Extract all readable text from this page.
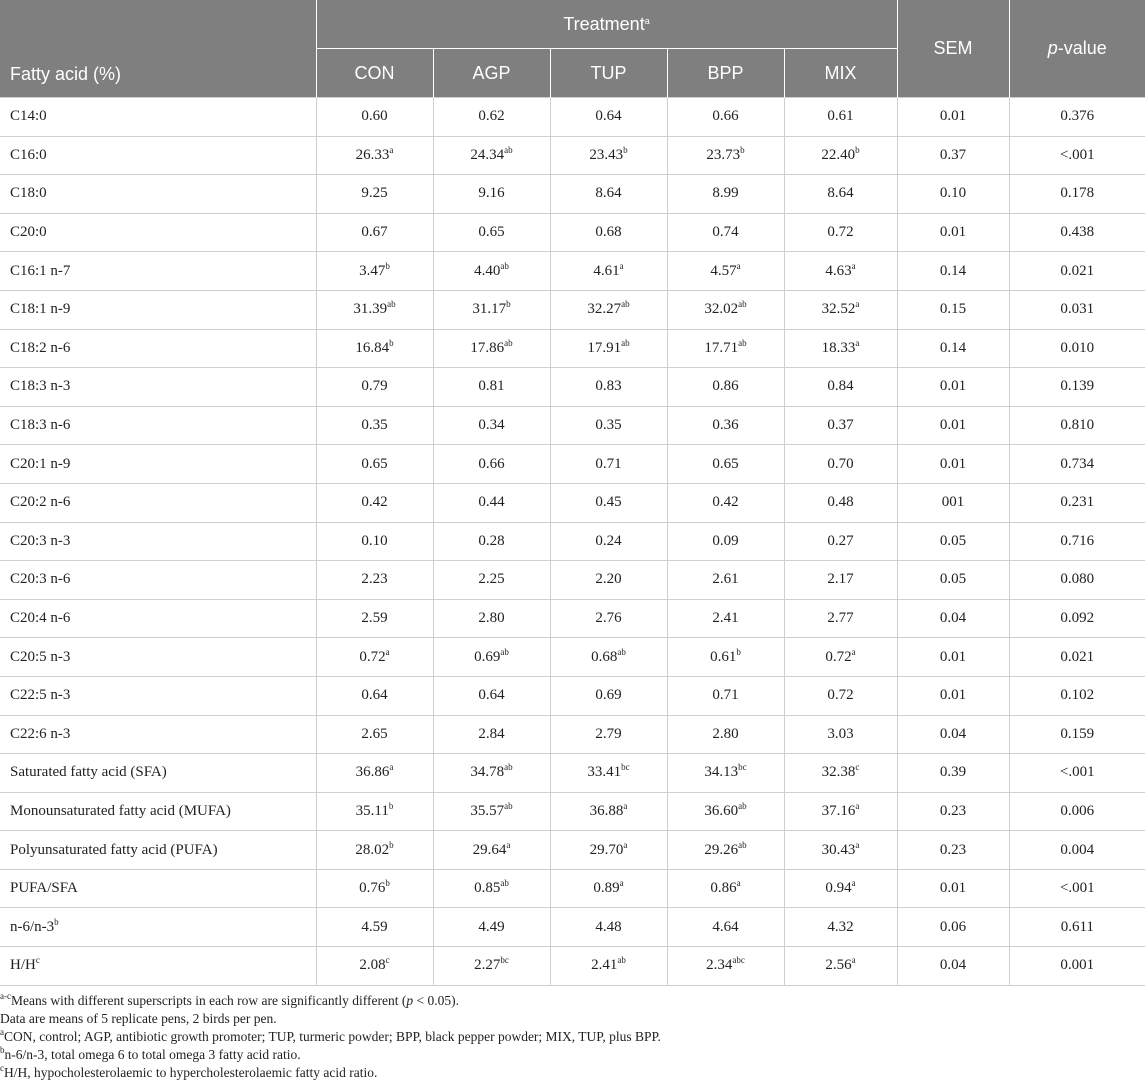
Fatty acid (%)	Treatment$^a$					SEM	p-value
	CON	AGP	TUP	BPP	MIX		
C14:0	0.60	0.62	0.64	0.66	0.61	0.01	0.376
C16:0	26.33$^a$	24.34$^{ab}$	23.43$^b$	23.73$^b$	22.40$^b$	0.37	<.001
C18:0	9.25	9.16	8.64	8.99	8.64	0.10	0.178
C20:0	0.67	0.65	0.68	0.74	0.72	0.01	0.438
C16:1 n-7	3.47$^b$	4.40$^{ab}$	4.61$^a$	4.57$^a$	4.63$^a$	0.14	0.021
C18:1 n-9	31.39$^{ab}$	31.17$^b$	32.27$^{ab}$	32.02$^{ab}$	32.52$^a$	0.15	0.031
C18:2 n-6	16.84$^b$	17.86$^{ab}$	17.91$^{ab}$	17.71$^{ab}$	18.33$^a$	0.14	0.010
C18:3 n-3	0.79	0.81	0.83	0.86	0.84	0.01	0.139
C18:3 n-6	0.35	0.34	0.35	0.36	0.37	0.01	0.810
C20:1 n-9	0.65	0.66	0.71	0.65	0.70	0.01	0.734
C20:2 n-6	0.42	0.44	0.45	0.42	0.48	001	0.231
C20:3 n-3	0.10	0.28	0.24	0.09	0.27	0.05	0.716
C20:3 n-6	2.23	2.25	2.20	2.61	2.17	0.05	0.080
C20:4 n-6	2.59	2.80	2.76	2.41	2.77	0.04	0.092
C20:5 n-3	0.72$^a$	0.69$^{ab}$	0.68$^{ab}$	0.61$^b$	0.72$^a$	0.01	0.021
C22:5 n-3	0.64	0.64	0.69	0.71	0.72	0.01	0.102
C22:6 n-3	2.65	2.84	2.79	2.80	3.03	0.04	0.159
Saturated fatty acid (SFA)	36.86$^a$	34.78$^{ab}$	33.41$^{bc}$	34.13$^{bc}$	32.38$^c$	0.39	<.001
Monounsaturated fatty acid (MUFA)	35.11$^b$	35.57$^{ab}$	36.88$^a$	36.60$^{ab}$	37.16$^a$	0.23	0.006
Polyunsaturated fatty acid (PUFA)	28.02$^b$	29.64$^a$	29.70$^a$	29.26$^{ab}$	30.43$^a$	0.23	0.004
PUFA/SFA	0.76$^b$	0.85$^{ab}$	0.89$^a$	0.86$^a$	0.94$^a$	0.01	<.001
n-6/n-3$^b$	4.59	4.49	4.48	4.64	4.32	0.06	0.611
$H/H^c$	2.08$^c$	2.27$^{bc}$	2.41$^{ab}$	2.34$^{abc}$	2.56$^a$	0.04	0.001

$^{a-c}$Means with different superscripts in each row are significantly different (p < 0.05).

Data are means of 5 replicate pens, 2 birds per pen.

$^a$CON, control; AGP, antibiotic growth promoter; TUP, turmeric powder; BPP, black pepper powder; MIX, TUP, plus BPP.

$^b$n-6/n-3, total omega 6 to total omega 3 fatty acid ratio.

$^c$H/H, hypocholesterolaemic to hypercholesterolaemic fatty acid ratio.
